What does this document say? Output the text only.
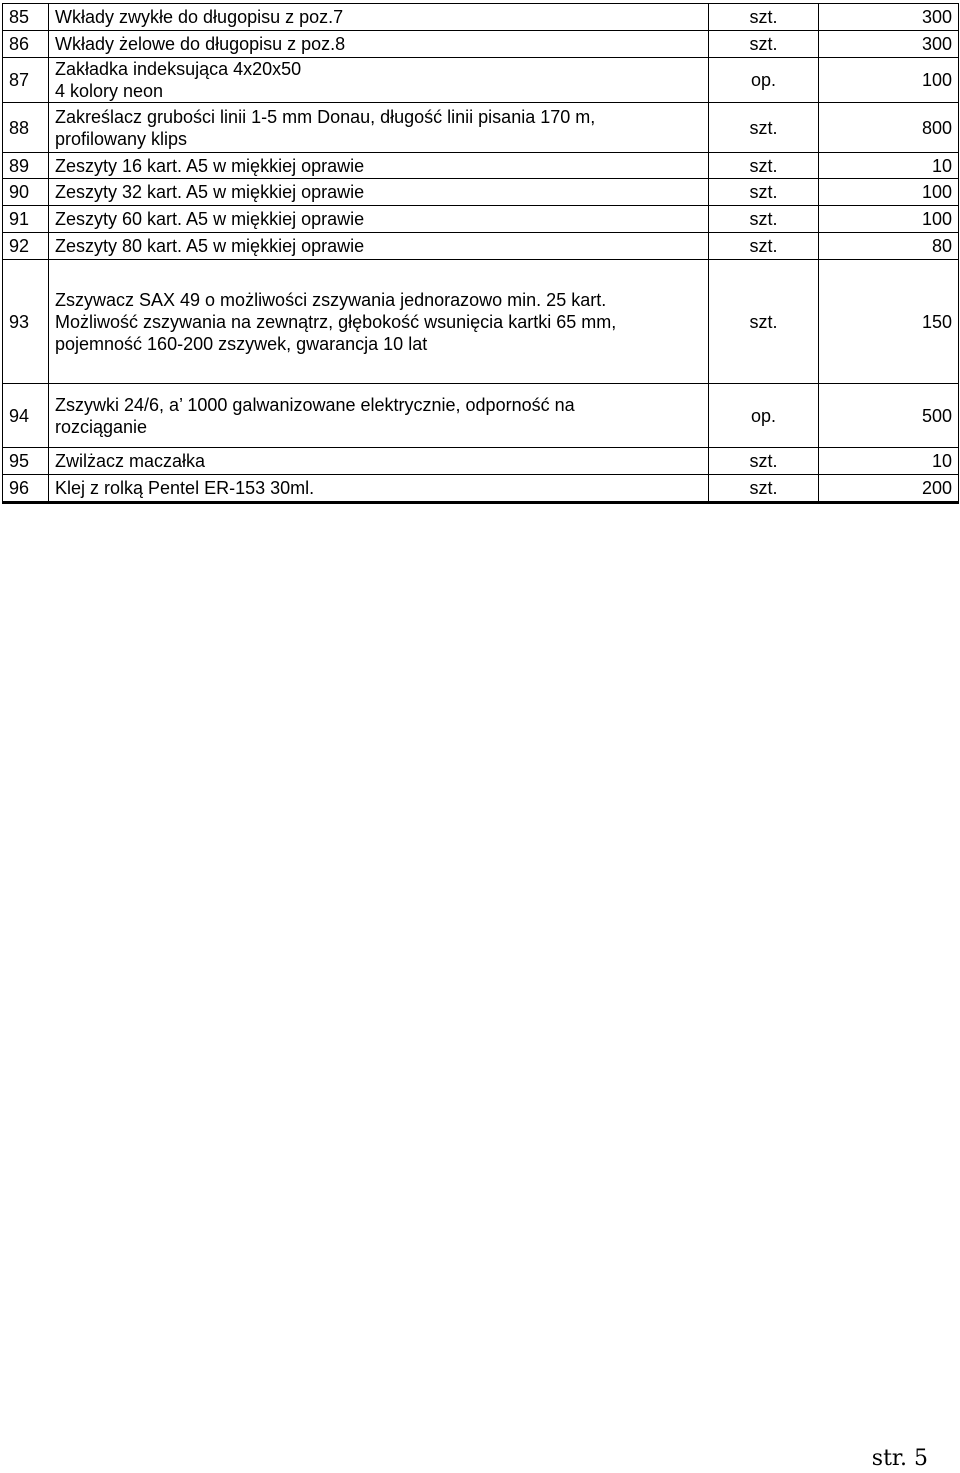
85	Wkłady zwykłe do długopisu z poz.7	szt.	300
86	Wkłady żelowe do długopisu z poz.8	szt.	300
87	Zakładka indeksująca 4x20x50
4 kolory neon	op.	100
88	Zakreślacz grubości linii 1-5 mm Donau, długość linii pisania 170 m,
profilowany klips	szt.	800
89	Zeszyty 16 kart. A5 w miękkiej oprawie	szt.	10
90	Zeszyty 32 kart. A5 w miękkiej oprawie	szt.	100
91	Zeszyty 60 kart. A5 w miękkiej oprawie	szt.	100
92	Zeszyty 80 kart. A5 w miękkiej oprawie	szt.	80
93	Zszywacz SAX 49 o możliwości zszywania jednorazowo min. 25 kart.
Możliwość zszywania na zewnątrz, głębokość wsunięcia kartki 65 mm,
pojemność 160-200 zszywek, gwarancja 10 lat	szt.	150
94	Zszywki 24/6, a’ 1000 galwanizowane elektrycznie, odporność na
rozciąganie	op.	500
95	Zwilżacz maczałka	szt.	10
96	Klej z rolką Pentel ER-153 30ml.	szt.	200
str. 5
